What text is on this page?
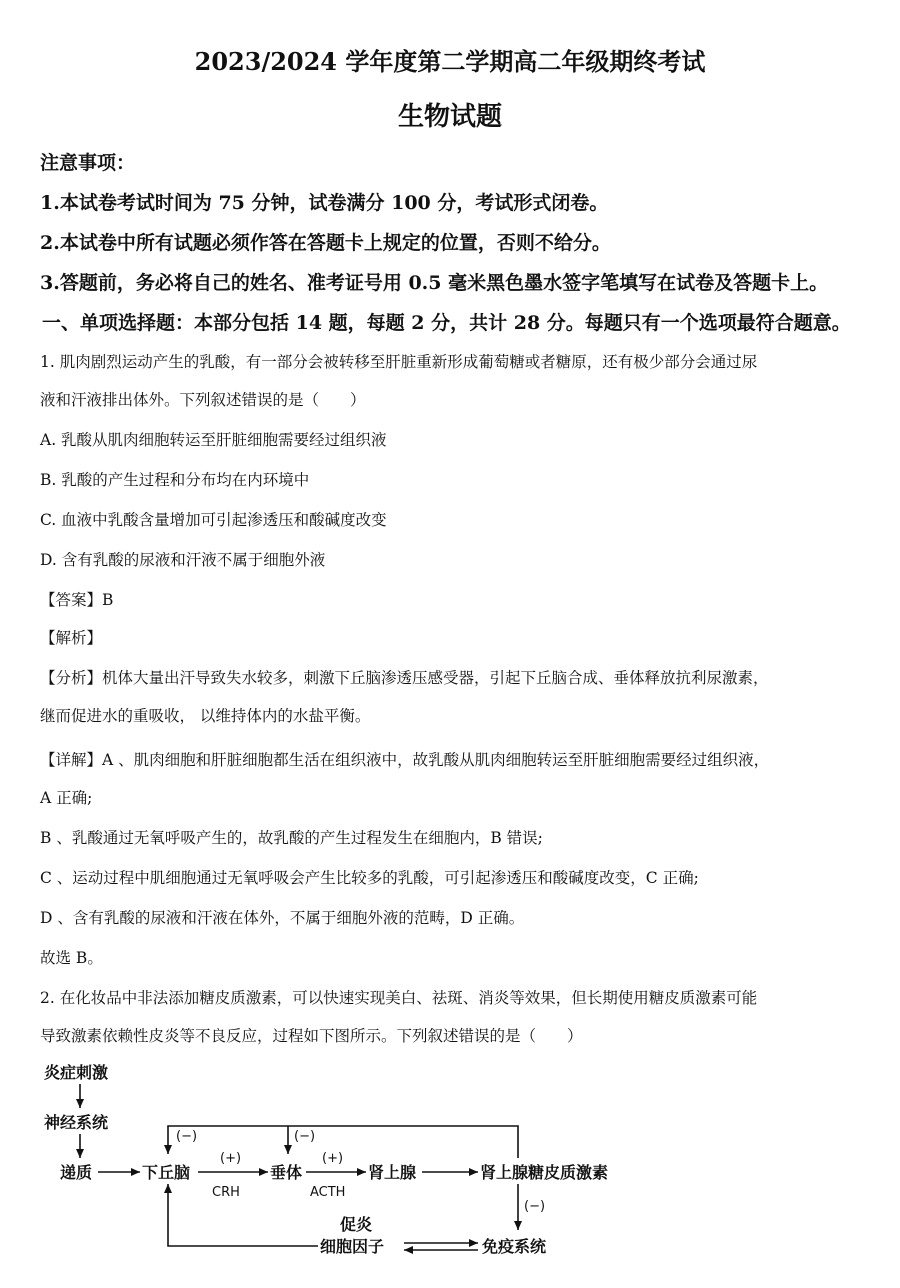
2023/2024 学年度第二学期高二年级期终考试
生物试题
注意事项：
1.本试卷考试时间为 75 分钟，试卷满分 100 分，考试形式闭卷。
2.本试卷中所有试题必须作答在答题卡上规定的位置，否则不给分。
3.答题前，务必将自己的姓名、准考证号用 0.5 毫米黑色墨水签字笔填写在试卷及答题卡上。
一、单项选择题：本部分包括 14 题，每题 2 分，共计 28 分。每题只有一个选项最符合题意。
1. 肌肉剧烈运动产生的乳酸，有一部分会被转移至肝脏重新形成葡萄糖或者糖原，还有极少部分会通过尿
液和汗液排出体外。下列叙述错误的是（　　）
A. 乳酸从肌肉细胞转运至肝脏细胞需要经过组织液
B. 乳酸的产生过程和分布均在内环境中
C. 血液中乳酸含量增加可引起渗透压和酸碱度改变
D. 含有乳酸的尿液和汗液不属于细胞外液
【答案】B
【解析】
【分析】机体大量出汗导致失水较多，刺激下丘脑渗透压感受器，引起下丘脑合成、垂体释放抗利尿激素，
继而促进水的重吸收， 以维持体内的水盐平衡。
【详解】A 、肌肉细胞和肝脏细胞都生活在组织液中，故乳酸从肌肉细胞转运至肝脏细胞需要经过组织液，
A 正确;
B 、乳酸通过无氧呼吸产生的，故乳酸的产生过程发生在细胞内，B 错误;
C 、运动过程中肌细胞通过无氧呼吸会产生比较多的乳酸，可引起渗透压和酸碱度改变，C 正确;
D 、含有乳酸的尿液和汗液在体外，不属于细胞外液的范畴，D 正确。
故选 B。
2. 在化妆品中非法添加糖皮质激素，可以快速实现美白、祛斑、消炎等效果，但长期使用糖皮质激素可能
导致激素依赖性皮炎等不良反应，过程如下图所示。下列叙述错误的是（　　）
炎症刺激
神经系统
递质	下丘脑	垂体	肾上腺	肾上腺糖皮质激素
免疫系统
促炎
细胞因子
(+)
CRH
(+)
ACTH
(−)	(−)
(−)
